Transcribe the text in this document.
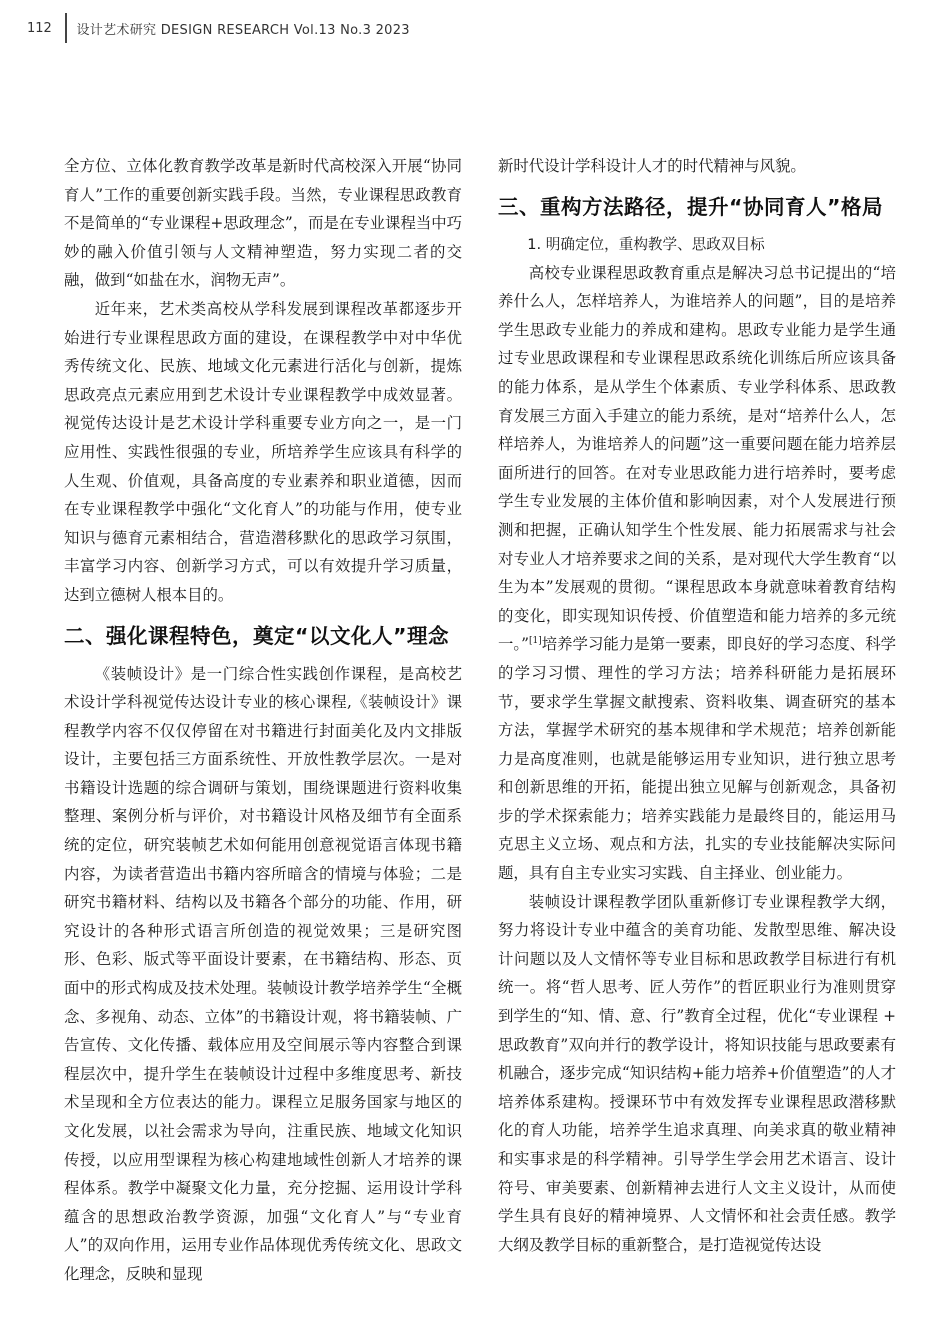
112	设计艺术研究 DESIGN RESEARCH Vol.13 No.3 2023

全方位、立体化教育教学改革是新时代高校深入开展“协同育人”工作的重要创新实践手段。当然，专业课程思政教育不是简单的“专业课程+思政理念”，而是在专业课程当中巧妙的融入价值引领与人文精神塑造，努力实现二者的交融，做到“如盐在水，润物无声”。

近年来，艺术类高校从学科发展到课程改革都逐步开始进行专业课程思政方面的建设，在课程教学中对中华优秀传统文化、民族、地域文化元素进行活化与创新，提炼思政亮点元素应用到艺术设计专业课程教学中成效显著。视觉传达设计是艺术设计学科重要专业方向之一，是一门应用性、实践性很强的专业，所培养学生应该具有科学的人生观、价值观，具备高度的专业素养和职业道德，因而在专业课程教学中强化“文化育人”的功能与作用，使专业知识与德育元素相结合，营造潜移默化的思政学习氛围，丰富学习内容、创新学习方式，可以有效提升学习质量，达到立德树人根本目的。

二、强化课程特色，奠定“以文化人”理念

《装帧设计》是一门综合性实践创作课程，是高校艺术设计学科视觉传达设计专业的核心课程,《装帧设计》课程教学内容不仅仅停留在对书籍进行封面美化及内文排版设计，主要包括三方面系统性、开放性教学层次。一是对书籍设计选题的综合调研与策划，围绕课题进行资料收集整理、案例分析与评价，对书籍设计风格及细节有全面系统的定位，研究装帧艺术如何能用创意视觉语言体现书籍内容，为读者营造出书籍内容所暗含的情境与体验；二是研究书籍材料、结构以及书籍各个部分的功能、作用，研究设计的各种形式语言所创造的视觉效果；三是研究图形、色彩、版式等平面设计要素，在书籍结构、形态、页面中的形式构成及技术处理。装帧设计教学培养学生“全概念、多视角、动态、立体”的书籍设计观，将书籍装帧、广告宣传、文化传播、载体应用及空间展示等内容整合到课程层次中，提升学生在装帧设计过程中多维度思考、新技术呈现和全方位表达的能力。课程立足服务国家与地区的文化发展，以社会需求为导向，注重民族、地域文化知识传授，以应用型课程为核心构建地域性创新人才培养的课程体系。教学中凝聚文化力量，充分挖掘、运用设计学科蕴含的思想政治教学资源，加强“文化育人”与“专业育人”的双向作用，运用专业作品体现优秀传统文化、思政文化理念，反映和显现

新时代设计学科设计人才的时代精神与风貌。

三、重构方法路径，提升“协同育人”格局

1. 明确定位，重构教学、思政双目标

高校专业课程思政教育重点是解决习总书记提出的“培养什么人，怎样培养人，为谁培养人的问题”，目的是培养学生思政专业能力的养成和建构。思政专业能力是学生通过专业思政课程和专业课程思政系统化训练后所应该具备的能力体系，是从学生个体素质、专业学科体系、思政教育发展三方面入手建立的能力系统，是对“培养什么人，怎样培养人，为谁培养人的问题”这一重要问题在能力培养层面所进行的回答。在对专业思政能力进行培养时，要考虑学生专业发展的主体价值和影响因素，对个人发展进行预测和把握，正确认知学生个性发展、能力拓展需求与社会对专业人才培养要求之间的关系，是对现代大学生教育“以生为本”发展观的贯彻。“课程思政本身就意味着教育结构的变化，即实现知识传授、价值塑造和能力培养的多元统一。”[1]培养学习能力是第一要素，即良好的学习态度、科学的学习习惯、理性的学习方法；培养科研能力是拓展环节，要求学生掌握文献搜索、资料收集、调查研究的基本方法，掌握学术研究的基本规律和学术规范；培养创新能力是高度准则，也就是能够运用专业知识，进行独立思考和创新思维的开拓，能提出独立见解与创新观念，具备初步的学术探索能力；培养实践能力是最终目的，能运用马克思主义立场、观点和方法，扎实的专业技能解决实际问题，具有自主专业实习实践、自主择业、创业能力。

装帧设计课程教学团队重新修订专业课程教学大纲，努力将设计专业中蕴含的美育功能、发散型思维、解决设计问题以及人文情怀等专业目标和思政教学目标进行有机统一。将“哲人思考、匠人劳作”的哲匠职业行为准则贯穿到学生的“知、情、意、行”教育全过程，优化“专业课程 + 思政教育”双向并行的教学设计，将知识技能与思政要素有机融合，逐步完成“知识结构+能力培养+价值塑造”的人才培养体系建构。授课环节中有效发挥专业课程思政潜移默化的育人功能，培养学生追求真理、向美求真的敬业精神和实事求是的科学精神。引导学生学会用艺术语言、设计符号、审美要素、创新精神去进行人文主义设计，从而使学生具有良好的精神境界、人文情怀和社会责任感。教学大纲及教学目标的重新整合，是打造视觉传达设
